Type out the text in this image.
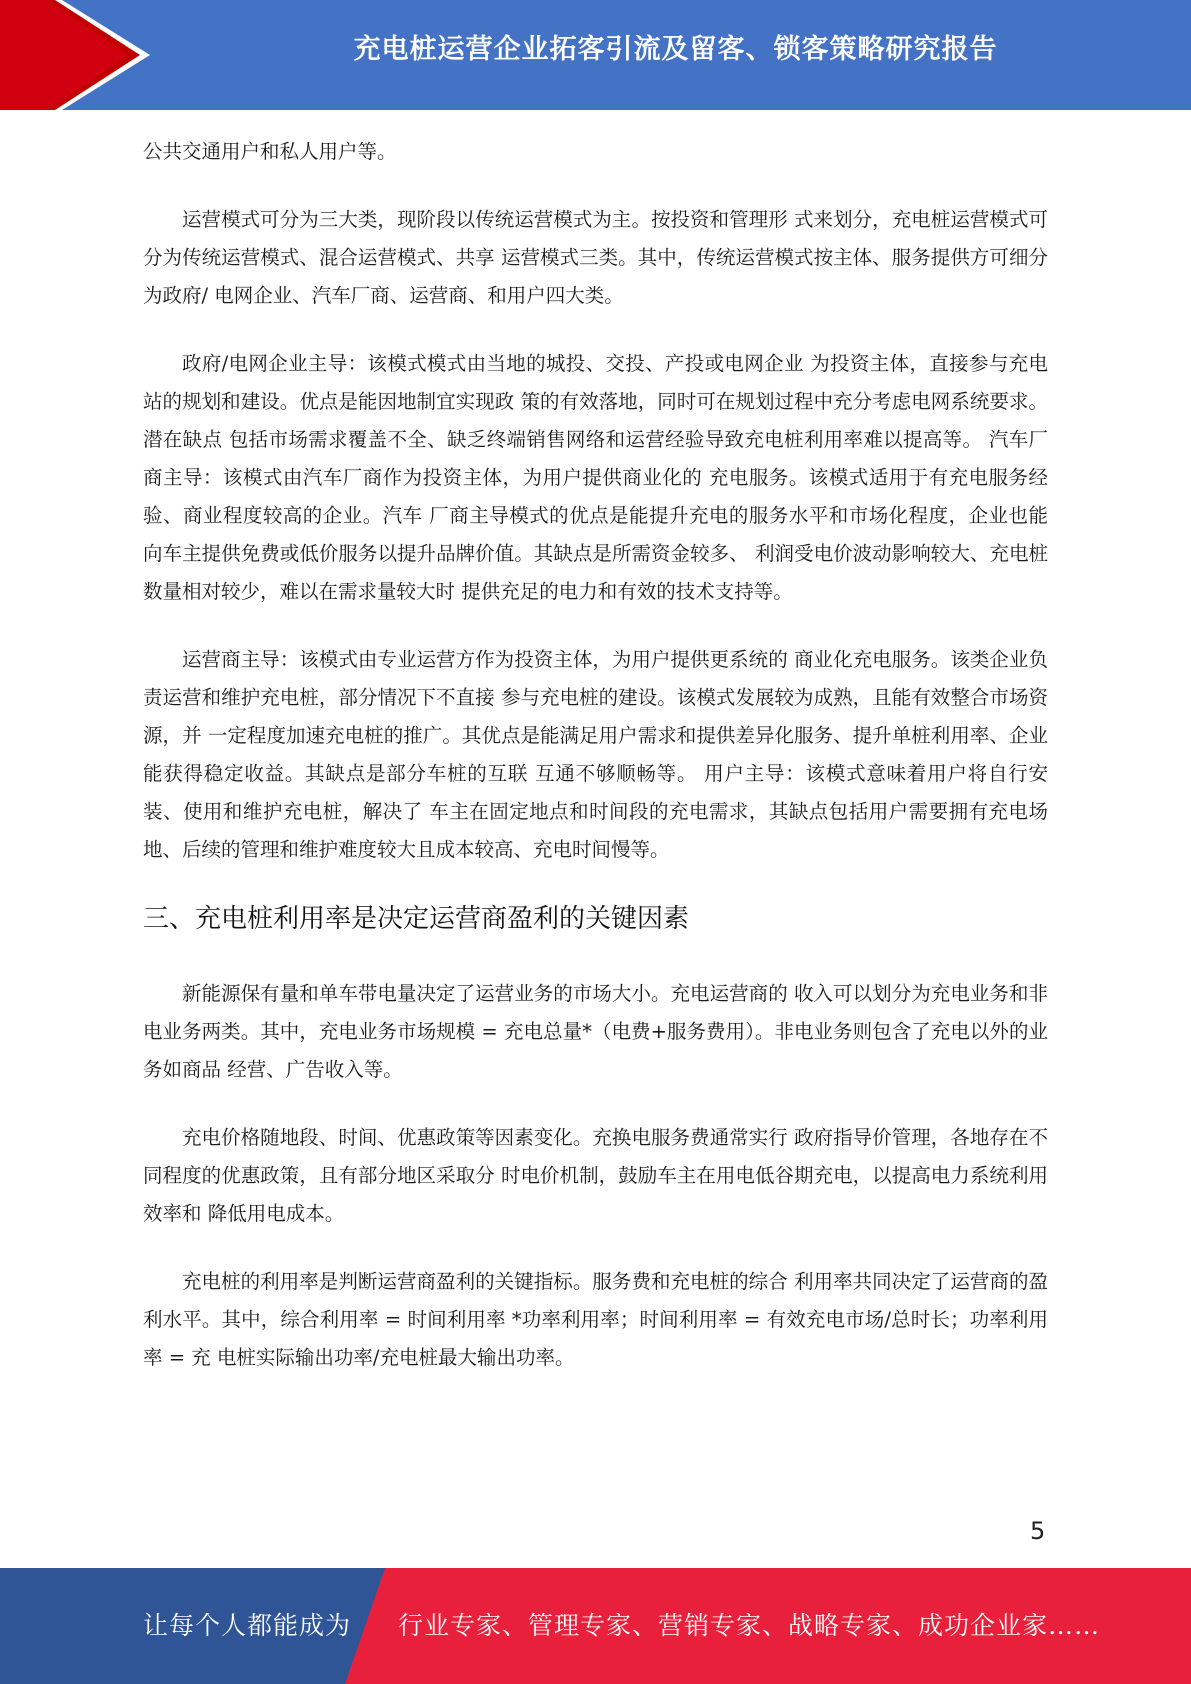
充电桩运营企业拓客引流及留客、锁客策略研究报告

公共交通用户和私人用户等。

运营模式可分为三大类，现阶段以传统运营模式为主。按投资和管理形 式来划分，充电桩运营模式可分为传统运营模式、混合运营模式、共享 运营模式三类。其中，传统运营模式按主体、服务提供方可细分为政府/ 电网企业、汽车厂商、运营商、和用户四大类。

政府/电网企业主导：该模式模式由当地的城投、交投、产投或电网企业 为投资主体，直接参与充电站的规划和建设。优点是能因地制宜实现政 策的有效落地，同时可在规划过程中充分考虑电网系统要求。潜在缺点 包括市场需求覆盖不全、缺乏终端销售网络和运营经验导致充电桩利用率难以提高等。 汽车厂商主导：该模式由汽车厂商作为投资主体，为用户提供商业化的 充电服务。该模式适用于有充电服务经验、商业程度较高的企业。汽车 厂商主导模式的优点是能提升充电的服务水平和市场化程度，企业也能 向车主提供免费或低价服务以提升品牌价值。其缺点是所需资金较多、 利润受电价波动影响较大、充电桩数量相对较少，难以在需求量较大时 提供充足的电力和有效的技术支持等。

运营商主导：该模式由专业运营方作为投资主体，为用户提供更系统的 商业化充电服务。该类企业负责运营和维护充电桩，部分情况下不直接 参与充电桩的建设。该模式发展较为成熟，且能有效整合市场资源，并 一定程度加速充电桩的推广。其优点是能满足用户需求和提供差异化服务、提升单桩利用率、企业能获得稳定收益。其缺点是部分车桩的互联 互通不够顺畅等。 用户主导：该模式意味着用户将自行安装、使用和维护充电桩，解决了 车主在固定地点和时间段的充电需求，其缺点包括用户需要拥有充电场 地、后续的管理和维护难度较大且成本较高、充电时间慢等。

三、充电桩利用率是决定运营商盈利的关键因素

新能源保有量和单车带电量决定了运营业务的市场大小。充电运营商的 收入可以划分为充电业务和非电业务两类。其中，充电业务市场规模 = 充电总量*（电费+服务费用）。非电业务则包含了充电以外的业务如商品 经营、广告收入等。

充电价格随地段、时间、优惠政策等因素变化。充换电服务费通常实行 政府指导价管理，各地存在不同程度的优惠政策，且有部分地区采取分 时电价机制，鼓励车主在用电低谷期充电，以提高电力系统利用效率和 降低用电成本。

充电桩的利用率是判断运营商盈利的关键指标。服务费和充电桩的综合 利用率共同决定了运营商的盈利水平。其中，综合利用率 = 时间利用率 *功率利用率；时间利用率 = 有效充电市场/总时长；功率利用率 = 充 电桩实际输出功率/充电桩最大输出功率。

5
让每个人都能成为 行业专家、管理专家、营销专家、战略专家、成功企业家……
